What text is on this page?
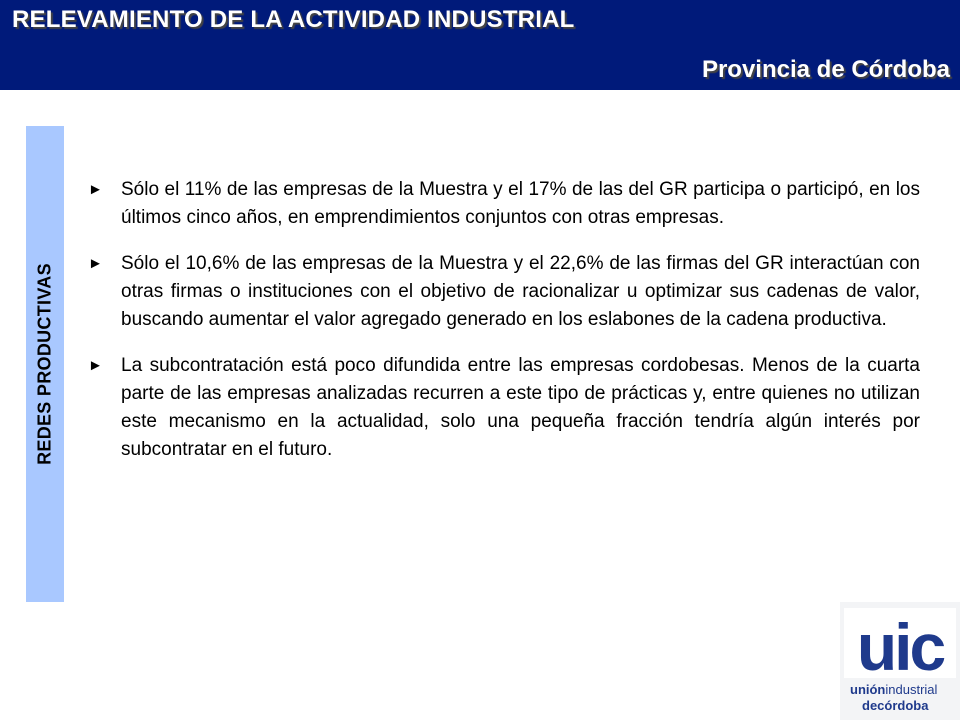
RELEVAMIENTO DE LA ACTIVIDAD INDUSTRIAL
Provincia de Córdoba
REDES PRODUCTIVAS
► Sólo el 11% de las empresas de la Muestra y el 17% de las del GR participa o participó, en los últimos cinco años, en emprendimientos conjuntos con otras empresas.
► Sólo el 10,6% de las empresas de la Muestra y el 22,6% de las firmas del GR interactúan con otras firmas o instituciones con el objetivo de racionalizar u optimizar sus cadenas de valor, buscando aumentar el valor agregado generado en los eslabones de la cadena productiva.
► La subcontratación está poco difundida entre las empresas cordobesas. Menos de la cuarta parte de las empresas analizadas recurren a este tipo de prácticas y, entre quienes no utilizan este mecanismo en la actualidad, solo una pequeña fracción tendría algún interés por subcontratar en el futuro.
uic
uniónindustrial
decórdoba
